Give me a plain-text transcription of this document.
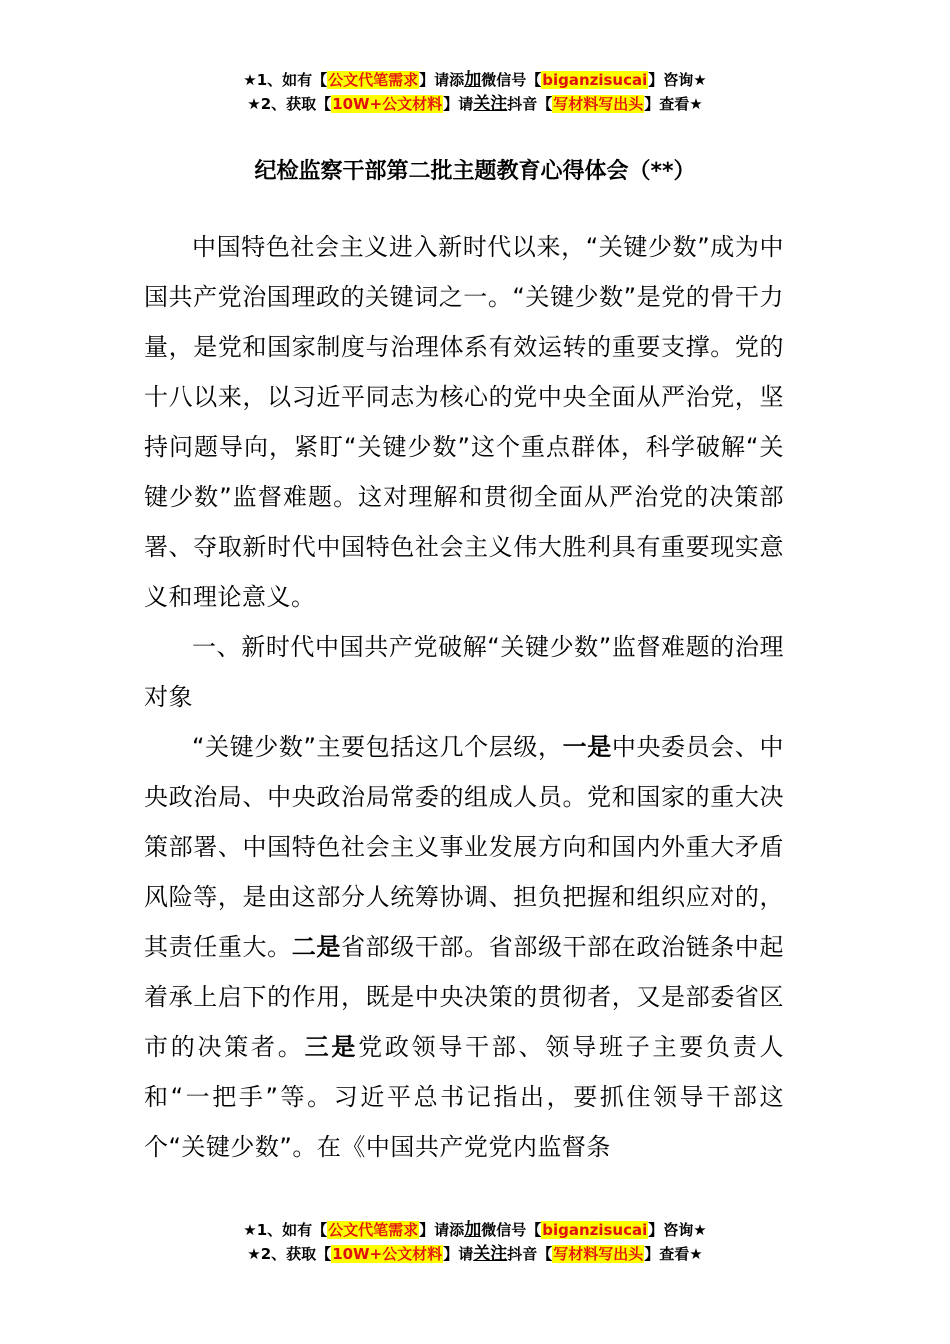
★1、如有【公文代笔需求】请添加微信号【biganzisucai】咨询★
★2、获取【10W+公文材料】请关注抖音【写材料写出头】查看★
纪检监察干部第二批主题教育心得体会（**）

中国特色社会主义进入新时代以来，“关键少数”成为中国共产党治国理政的关键词之一。“关键少数”是党的骨干力量，是党和国家制度与治理体系有效运转的重要支撑。党的十八以来，以习近平同志为核心的党中央全面从严治党，坚持问题导向，紧盯“关键少数”这个重点群体，科学破解“关键少数”监督难题。这对理解和贯彻全面从严治党的决策部署、夺取新时代中国特色社会主义伟大胜利具有重要现实意义和理论意义。

一、新时代中国共产党破解“关键少数”监督难题的治理对象

“关键少数”主要包括这几个层级，一是中央委员会、中央政治局、中央政治局常委的组成人员。党和国家的重大决策部署、中国特色社会主义事业发展方向和国内外重大矛盾风险等，是由这部分人统筹协调、担负把握和组织应对的，其责任重大。二是省部级干部。省部级干部在政治链条中起着承上启下的作用，既是中央决策的贯彻者，又是部委省区市的决策者。三是党政领导干部、领导班子主要负责人和“一把手”等。习近平总书记指出，要抓住领导干部这个“关键少数”。在《中国共产党党内监督条

★1、如有【公文代笔需求】请添加微信号【biganzisucai】咨询★
★2、获取【10W+公文材料】请关注抖音【写材料写出头】查看★
